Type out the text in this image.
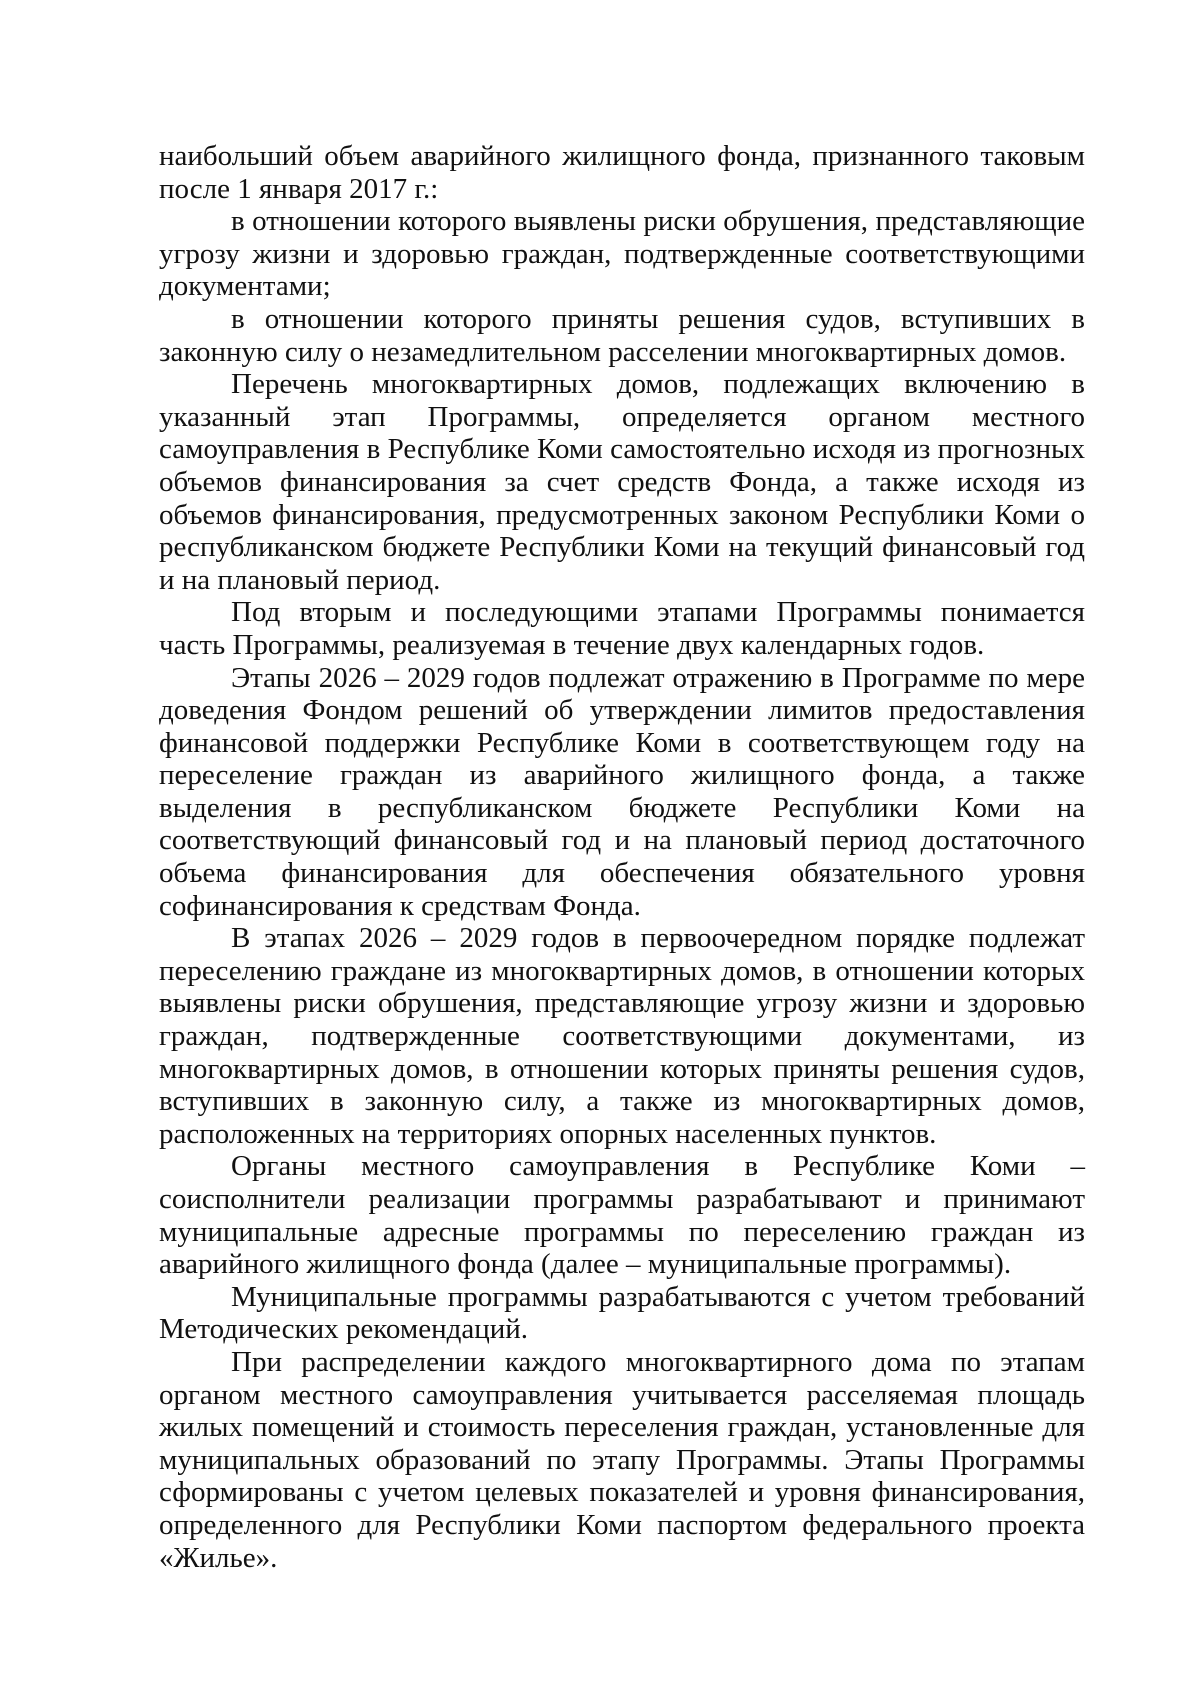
наибольший объем аварийного жилищного фонда, признанного таковым после 1 января 2017 г.:

в отношении которого выявлены риски обрушения, представляющие угрозу жизни и здоровью граждан, подтвержденные соответствующими документами;

в отношении которого приняты решения судов, вступивших в законную силу о незамедлительном расселении многоквартирных домов.

Перечень многоквартирных домов, подлежащих включению в указанный этап Программы, определяется органом местного самоуправления в Республике Коми самостоятельно исходя из прогнозных объемов финансирования за счет средств Фонда, а также исходя из объемов финансирования, предусмотренных законом Республики Коми о республиканском бюджете Республики Коми на текущий финансовый год и на плановый период.

Под вторым и последующими этапами Программы понимается часть Программы, реализуемая в течение двух календарных годов.

Этапы 2026 – 2029 годов подлежат отражению в Программе по мере доведения Фондом решений об утверждении лимитов предоставления финансовой поддержки Республике Коми в соответствующем году на переселение граждан из аварийного жилищного фонда, а также выделения в республиканском бюджете Республики Коми на соответствующий финансовый год и на плановый период достаточного объема финансирования для обеспечения обязательного уровня софинансирования к средствам Фонда.

В этапах 2026 – 2029 годов в первоочередном порядке подлежат переселению граждане из многоквартирных домов, в отношении которых выявлены риски обрушения, представляющие угрозу жизни и здоровью граждан, подтвержденные соответствующими документами, из многоквартирных домов, в отношении которых приняты решения судов, вступивших в законную силу, а также из многоквартирных домов, расположенных на территориях опорных населенных пунктов.

Органы местного самоуправления в Республике Коми – соисполнители реализации программы разрабатывают и принимают муниципальные адресные программы по переселению граждан из аварийного жилищного фонда (далее – муниципальные программы).

Муниципальные программы разрабатываются с учетом требований Методических рекомендаций.

При распределении каждого многоквартирного дома по этапам органом местного самоуправления учитывается расселяемая площадь жилых помещений и стоимость переселения граждан, установленные для муниципальных образований по этапу Программы. Этапы Программы сформированы с учетом целевых показателей и уровня финансирования, определенного для Республики Коми паспортом федерального проекта «Жилье».
